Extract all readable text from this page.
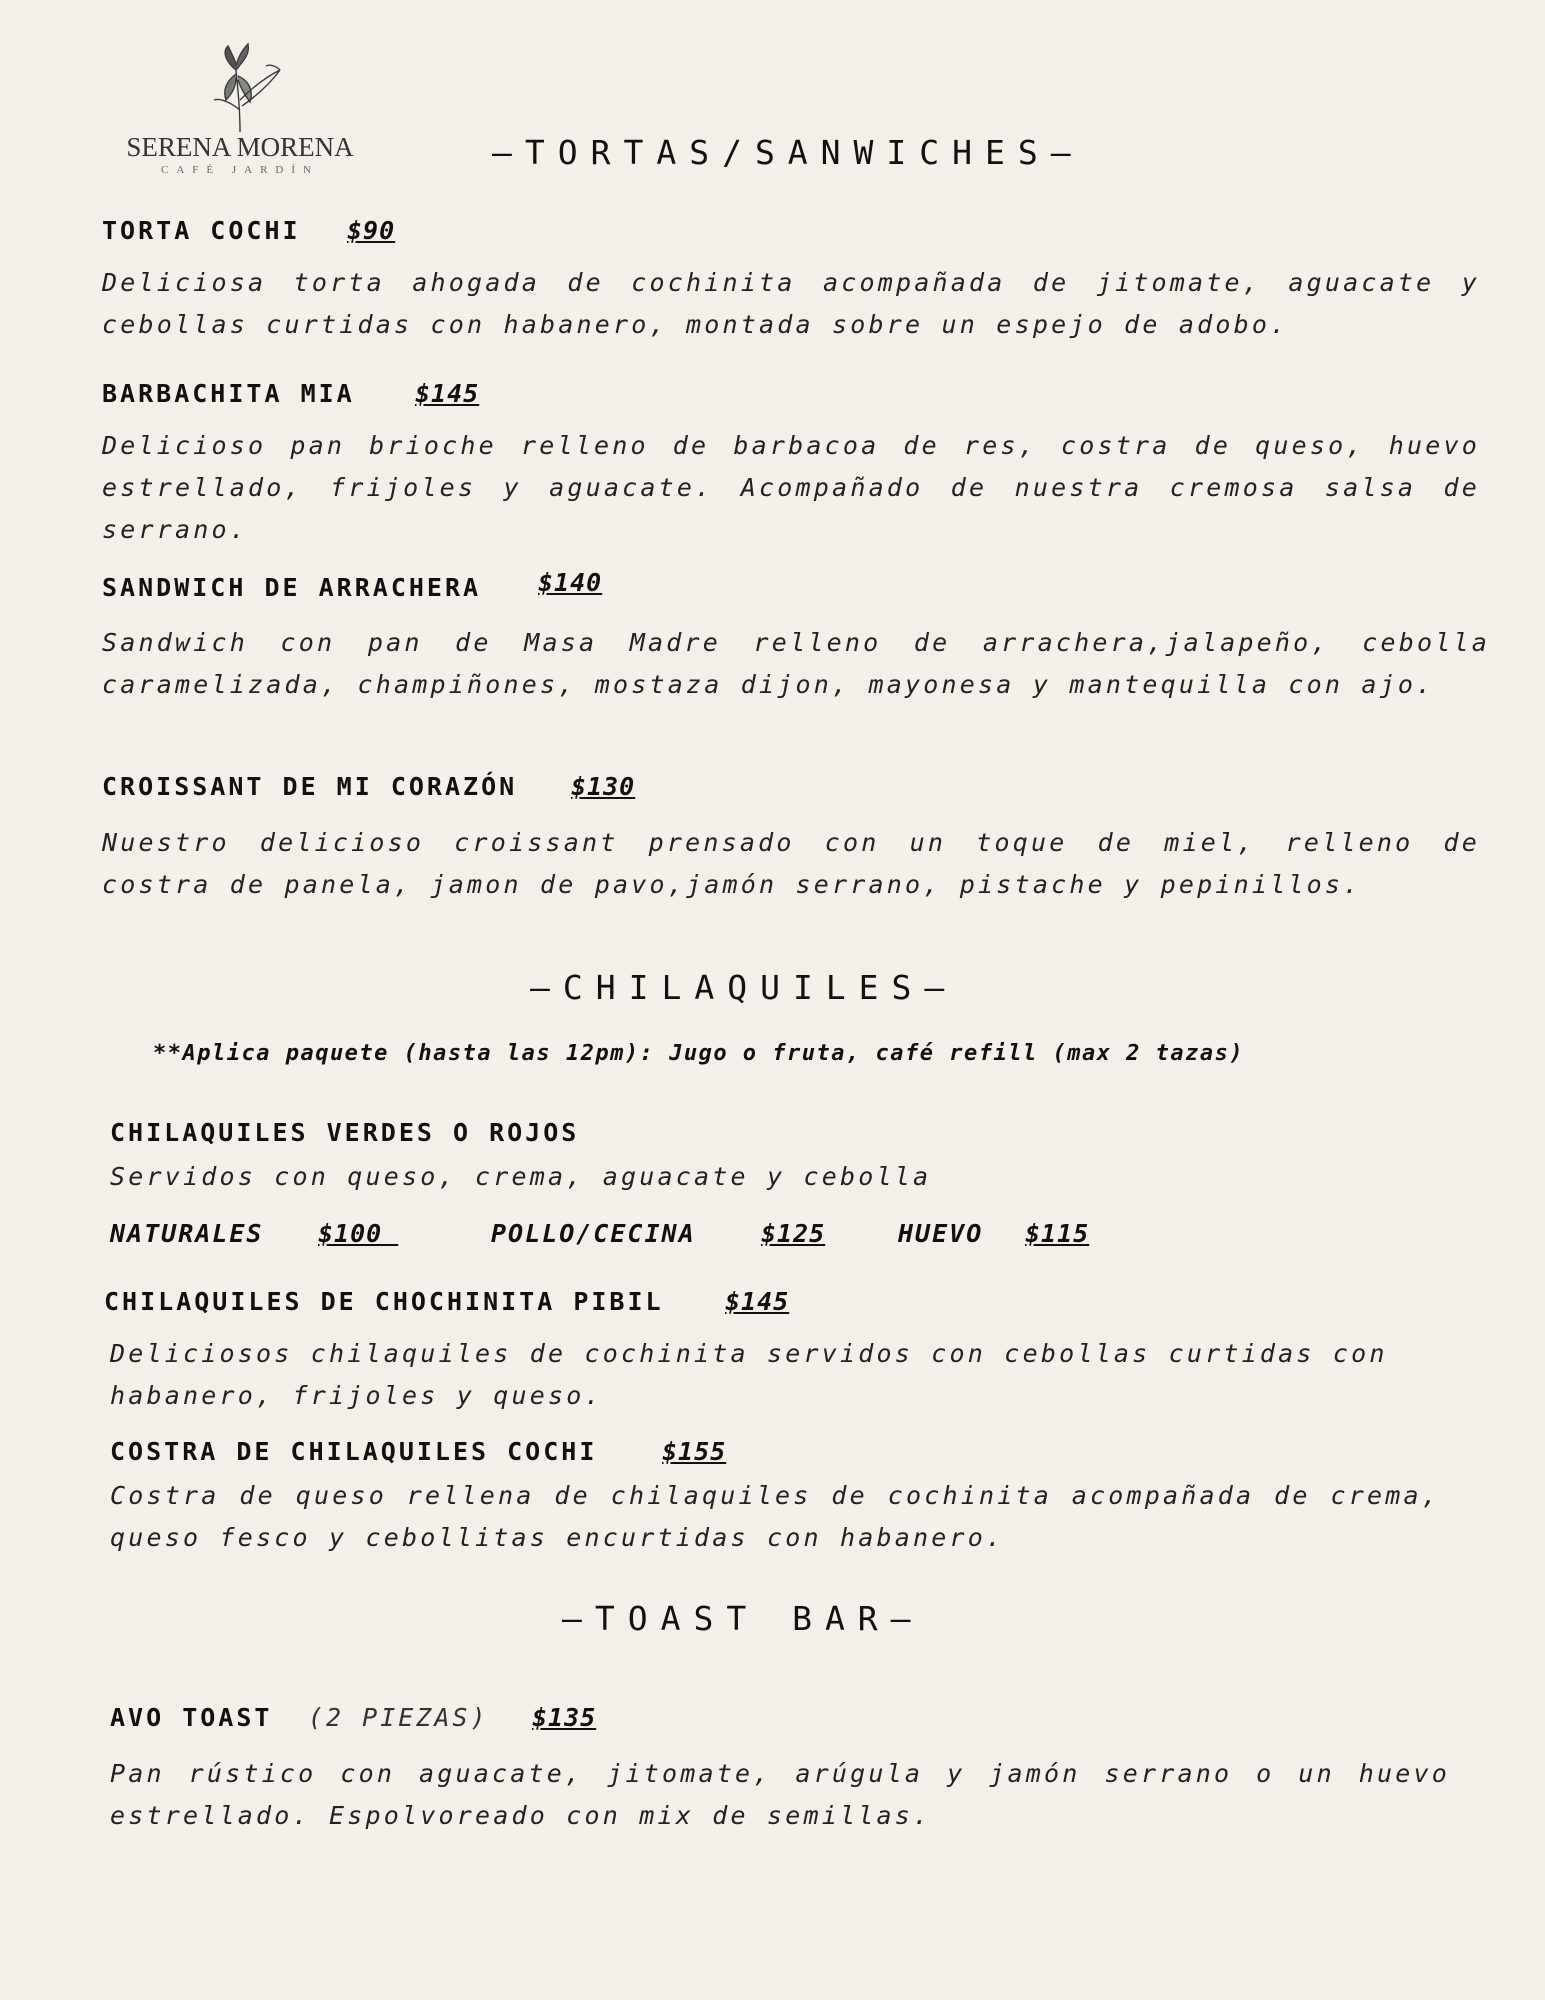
SERENA MORENA
CAFÉ JARDÍN	—TORTAS/SANWICHES—
TORTA COCHI $90
Deliciosa torta ahogada de cochinita acompañada de jitomate, aguacate y cebollas curtidas con habanero, montada sobre un espejo de adobo.
BARBACHITA MIA $145
Delicioso pan brioche relleno de barbacoa de res, costra de queso, huevo estrellado, frijoles y aguacate. Acompañado de nuestra cremosa salsa de serrano.
SANDWICH DE ARRACHERA $140
Sandwich con pan de Masa Madre relleno de arrachera,jalapeño, cebolla caramelizada, champiñones, mostaza dijon, mayonesa y mantequilla con ajo.
CROISSANT DE MI CORAZÓN $130
Nuestro delicioso croissant prensado con un toque de miel, relleno de costra de panela, jamon de pavo,jamón serrano, pistache y pepinillos.
—CHILAQUILES—
**Aplica paquete (hasta las 12pm): Jugo o fruta, café refill (max 2 tazas)
CHILAQUILES VERDES O ROJOS
Servidos con queso, crema, aguacate y cebolla
NATURALES $100	POLLO/CECINA	$125	HUEVO $115
CHILAQUILES DE CHOCHINITA PIBIL $145
Deliciosos chilaquiles de cochinita servidos con cebollas curtidas con habanero, frijoles y queso.
COSTRA DE CHILAQUILES COCHI	$155
Costra de queso rellena de chilaquiles de cochinita acompañada de crema, queso fesco y cebollitas encurtidas con habanero.
—TOAST BAR—
AVO TOAST (2 PIEZAS) $135
Pan rústico con aguacate, jitomate, arúgula y jamón serrano o un huevo estrellado. Espolvoreado con mix de semillas.
